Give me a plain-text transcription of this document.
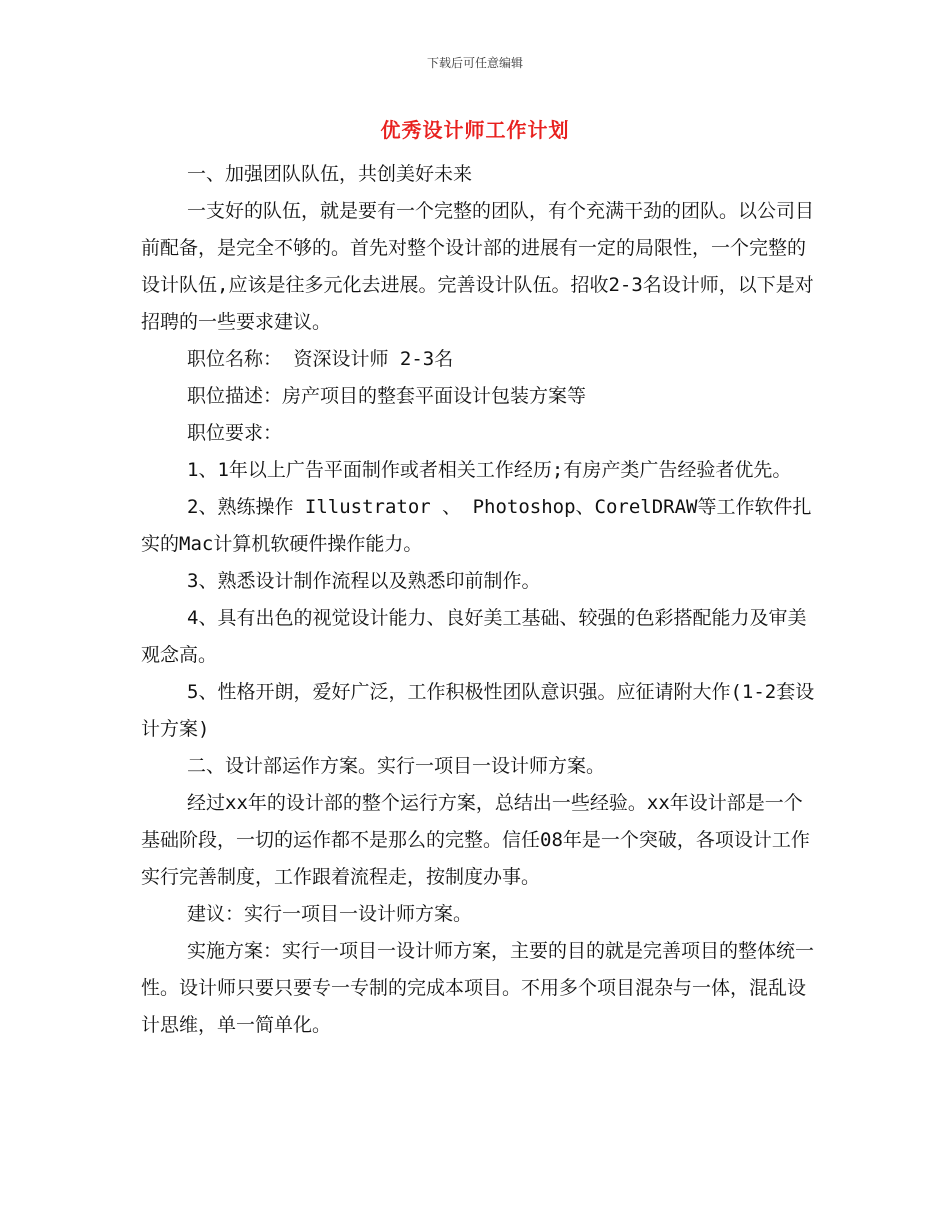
下载后可任意编辑
优秀设计师工作计划

一、加强团队队伍，共创美好未来

一支好的队伍，就是要有一个完整的团队，有个充满干劲的团队。以公司目前配备，是完全不够的。首先对整个设计部的进展有一定的局限性，一个完整的设计队伍,应该是往多元化去进展。完善设计队伍。招收2-3名设计师，以下是对招聘的一些要求建议。

职位名称： 资深设计师 2-3名

职位描述：房产项目的整套平面设计包装方案等

职位要求：

1、1年以上广告平面制作或者相关工作经历;有房产类广告经验者优先。

2、熟练操作 Illustrator 、 Photoshop、CorelDRAW等工作软件扎实的Mac计算机软硬件操作能力。

3、熟悉设计制作流程以及熟悉印前制作。

4、具有出色的视觉设计能力、良好美工基础、较强的色彩搭配能力及审美观念高。

5、性格开朗，爱好广泛，工作积极性团队意识强。应征请附大作(1-2套设计方案)

二、设计部运作方案。实行一项目一设计师方案。

经过xx年的设计部的整个运行方案，总结出一些经验。xx年设计部是一个基础阶段，一切的运作都不是那么的完整。信任08年是一个突破，各项设计工作实行完善制度，工作跟着流程走，按制度办事。

建议：实行一项目一设计师方案。

实施方案：实行一项目一设计师方案，主要的目的就是完善项目的整体统一性。设计师只要只要专一专制的完成本项目。不用多个项目混杂与一体，混乱设计思维，单一简单化。
